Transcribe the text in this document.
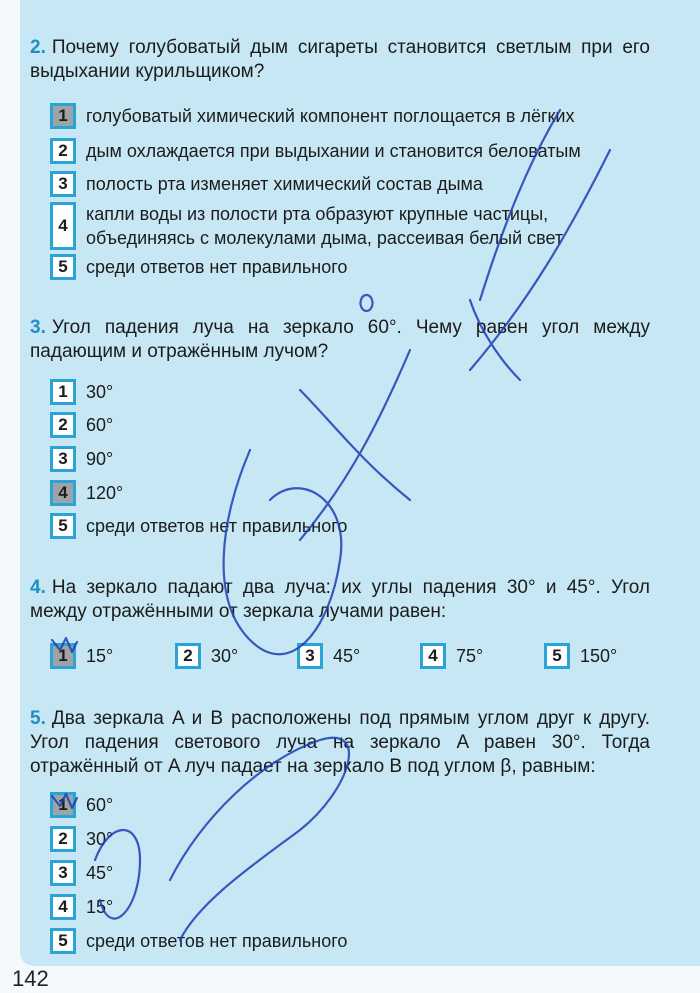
2. Почему голубоватый дым сигареты становится светлым при его выдыхании курильщиком?
1	голубоватый химический компонент поглощается в лёгких
2	дым охлаждается при выдыхании и становится беловатым
3	полость рта изменяет химический состав дыма
4
капли воды из полости рта образуют крупные частицы, объединяясь с молекулами дыма, рассеивая белый свет
5	среди ответов нет правильного
3. Угол падения луча на зеркало 60°. Чему равен угол между падающим и отражённым лучом?
1	30°
2	60°
3	90°
4	120°
5	среди ответов нет правильного
4. На зеркало падают два луча: их углы падения 30° и 45°. Угол между отражёнными от зеркала лучами равен:
1	15°	2	30°	3	45°	4	75°	5	150°
5. Два зеркала A и B расположены под прямым углом друг к другу. Угол падения светового луча на зеркало A равен 30°. Тогда отражённый от A луч падает на зеркало B под углом β, равным:
1	60°
2	30°
3	45°
4	15°
5	среди ответов нет правильного
142
